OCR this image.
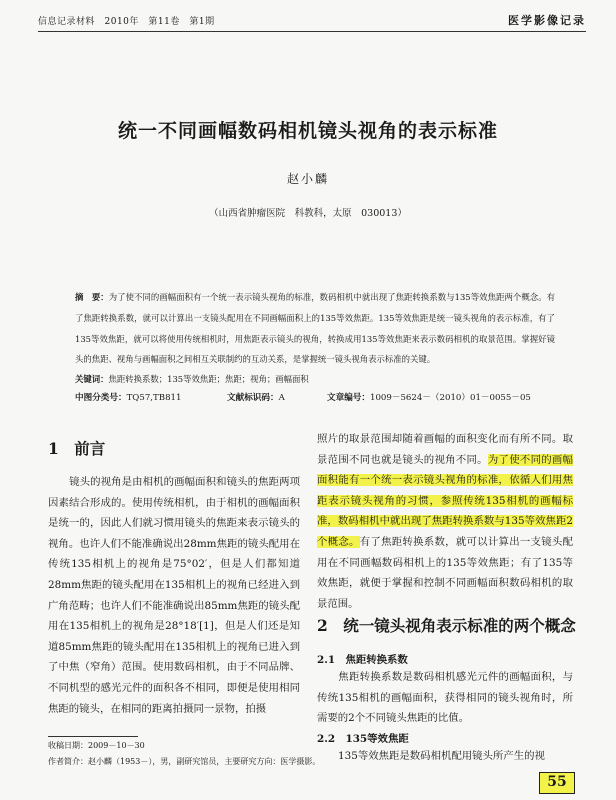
信息记录材料　2010年　第11卷　第1期	医学影像记录
统一不同画幅数码相机镜头视角的表示标准
赵小麟
（山西省肿瘤医院　科教科，太原　030013）
摘　要：为了使不同的画幅面积有一个统一表示镜头视角的标准，数码相机中就出现了焦距转换系数与135等效焦距两个概念。有了焦距转换系数，就可以计算出一支镜头配用在不同画幅面积上的135等效焦距。135等效焦距是统一镜头视角的表示标准，有了135等效焦距，就可以将使用传统相机时，用焦距表示镜头的视角，转换成用135等效焦距来表示数码相机的取景范围。掌握好镜头的焦距、视角与画幅面积之间相互关联制约的互动关系，是掌握统一镜头视角表示标准的关键。
关键词：焦距转换系数；135等效焦距；焦距；视角；画幅面积
中图分类号： TQ57,TB811	文献标识码： A	文章编号： 1009－5624－（2010）01－0055－05
1　前言
镜头的视角是由相机的画幅面积和镜头的焦距两项因素结合形成的。使用传统相机，由于相机的画幅面积是统一的，因此人们就习惯用镜头的焦距来表示镜头的视角。也许人们不能准确说出28mm焦距的镜头配用在传统135相机上的视角是75°02′，但是人们都知道28mm焦距的镜头配用在135相机上的视角已经进入到广角范畴；也许人们不能准确说出85mm焦距的镜头配用在135相机上的视角是28°18′[1]，但是人们还是知道85mm焦距的镜头配用在135相机上的视角已进入到了中焦（窄角）范围。使用数码相机，由于不同品牌、不同机型的感光元件的面积各不相同，即便是使用相同焦距的镜头，在相同的距离拍摄同一景物，拍摄
照片的取景范围却随着画幅的面积变化而有所不同。取景范围不同也就是镜头的视角不同。为了使不同的画幅面积能有一个统一表示镜头视角的标准，依循人们用焦距表示镜头视角的习惯，参照传统135相机的画幅标准，数码相机中就出现了焦距转换系数与135等效焦距2个概念。有了焦距转换系数，就可以计算出一支镜头配用在不同画幅数码相机上的135等效焦距；有了135等效焦距，就便于掌握和控制不同画幅面积数码相机的取景范围。
2　统一镜头视角表示标准的两个概念
2.1　焦距转换系数
焦距转换系数是数码相机感光元件的画幅面积，与传统135相机的画幅面积，获得相同的镜头视角时，所需要的2个不同镜头焦距的比值。
2.2　135等效焦距
135等效焦距是数码相机配用镜头所产生的视
收稿日期：2009－10－30
作者简介：赵小麟（1953－），男，副研究馆员，主要研究方向：医学摄影。
55
